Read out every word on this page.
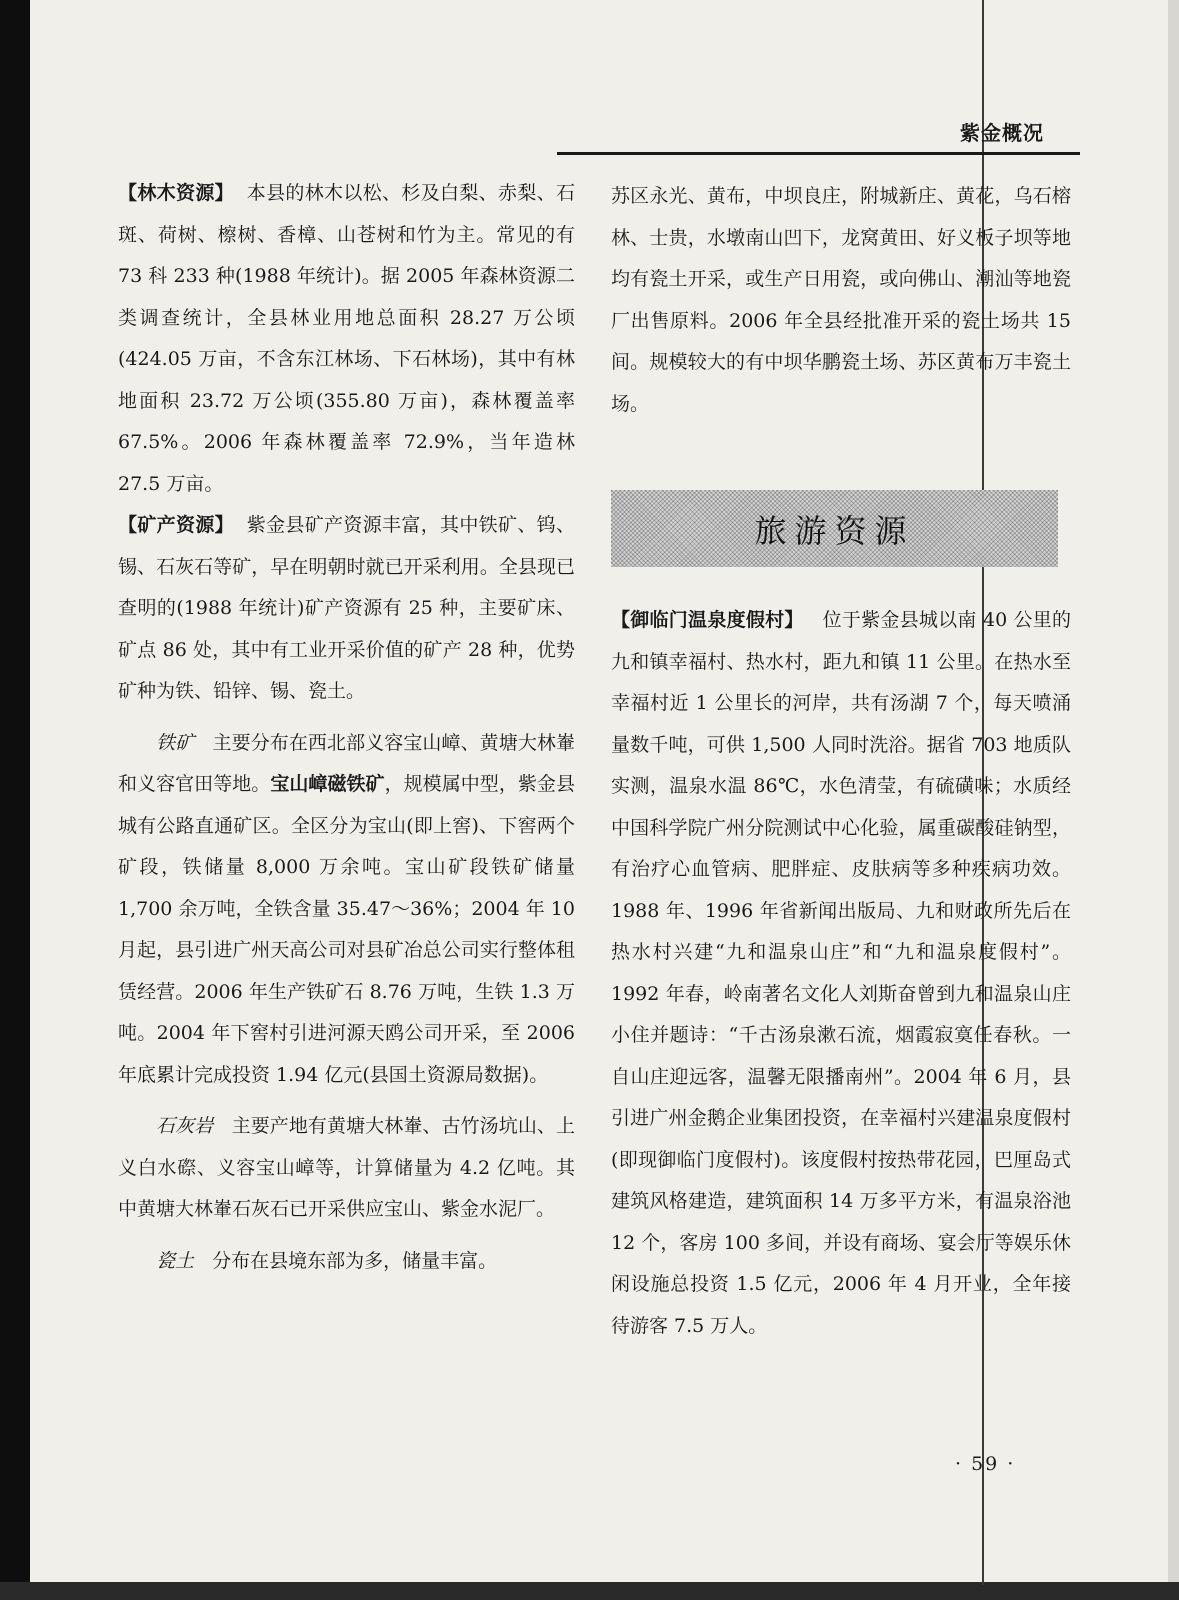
紫金概况

【林木资源】 本县的林木以松、杉及白梨、赤梨、石斑、荷树、檫树、香樟、山苍树和竹为主。常见的有 73 科 233 种(1988 年统计)。据 2005 年森林资源二类调查统计，全县林业用地总面积 28.27 万公顷(424.05 万亩，不含东江林场、下石林场)，其中有林地面积 23.72 万公顷(355.80 万亩)，森林覆盖率 67.5%。2006 年森林覆盖率 72.9%，当年造林 27.5 万亩。

【矿产资源】 紫金县矿产资源丰富，其中铁矿、钨、锡、石灰石等矿，早在明朝时就已开采利用。全县现已查明的(1988 年统计)矿产资源有 25 种，主要矿床、矿点 86 处，其中有工业开采价值的矿产 28 种，优势矿种为铁、铅锌、锡、瓷土。

铁矿 主要分布在西北部义容宝山嶂、黄塘大林輋和义容官田等地。宝山嶂磁铁矿，规模属中型，紫金县城有公路直通矿区。全区分为宝山(即上窖)、下窖两个矿段，铁储量 8,000 万余吨。宝山矿段铁矿储量 1,700 余万吨，全铁含量 35.47～36%；2004 年 10 月起，县引进广州天高公司对县矿冶总公司实行整体租赁经营。2006 年生产铁矿石 8.76 万吨，生铁 1.3 万吨。2004 年下窖村引进河源天鸥公司开采，至 2006 年底累计完成投资 1.94 亿元(县国土资源局数据)。

石灰岩 主要产地有黄塘大林輋、古竹汤坑山、上义白水磜、义容宝山嶂等，计算储量为 4.2 亿吨。其中黄塘大林輋石灰石已开采供应宝山、紫金水泥厂。

瓷土 分布在县境东部为多，储量丰富。

苏区永光、黄布，中坝良庄，附城新庄、黄花，乌石榕林、士贵，水墩南山凹下，龙窝黄田、好义板子坝等地均有瓷土开采，或生产日用瓷，或向佛山、潮汕等地瓷厂出售原料。2006 年全县经批准开采的瓷土场共 15 间。规模较大的有中坝华鹏瓷土场、苏区黄布万丰瓷土场。

旅游资源

【御临门温泉度假村】 位于紫金县城以南 40 公里的九和镇幸福村、热水村，距九和镇 11 公里。在热水至幸福村近 1 公里长的河岸，共有汤湖 7 个，每天喷涌量数千吨，可供 1,500 人同时洗浴。据省 703 地质队实测，温泉水温 86℃，水色清莹，有硫磺味；水质经中国科学院广州分院测试中心化验，属重碳酸硅钠型，有治疗心血管病、肥胖症、皮肤病等多种疾病功效。1988 年、1996 年省新闻出版局、九和财政所先后在热水村兴建“九和温泉山庄”和“九和温泉度假村”。1992 年春，岭南著名文化人刘斯奋曾到九和温泉山庄小住并题诗：“千古汤泉漱石流，烟霞寂寞任春秋。一自山庄迎远客，温馨无限播南州”。2004 年 6 月，县引进广州金鹅企业集团投资，在幸福村兴建温泉度假村(即现御临门度假村)。该度假村按热带花园，巴厘岛式建筑风格建造，建筑面积 14 万多平方米，有温泉浴池 12 个，客房 100 多间，并设有商场、宴会厅等娱乐休闲设施总投资 1.5 亿元，2006 年 4 月开业，全年接待游客 7.5 万人。

· 59 ·
